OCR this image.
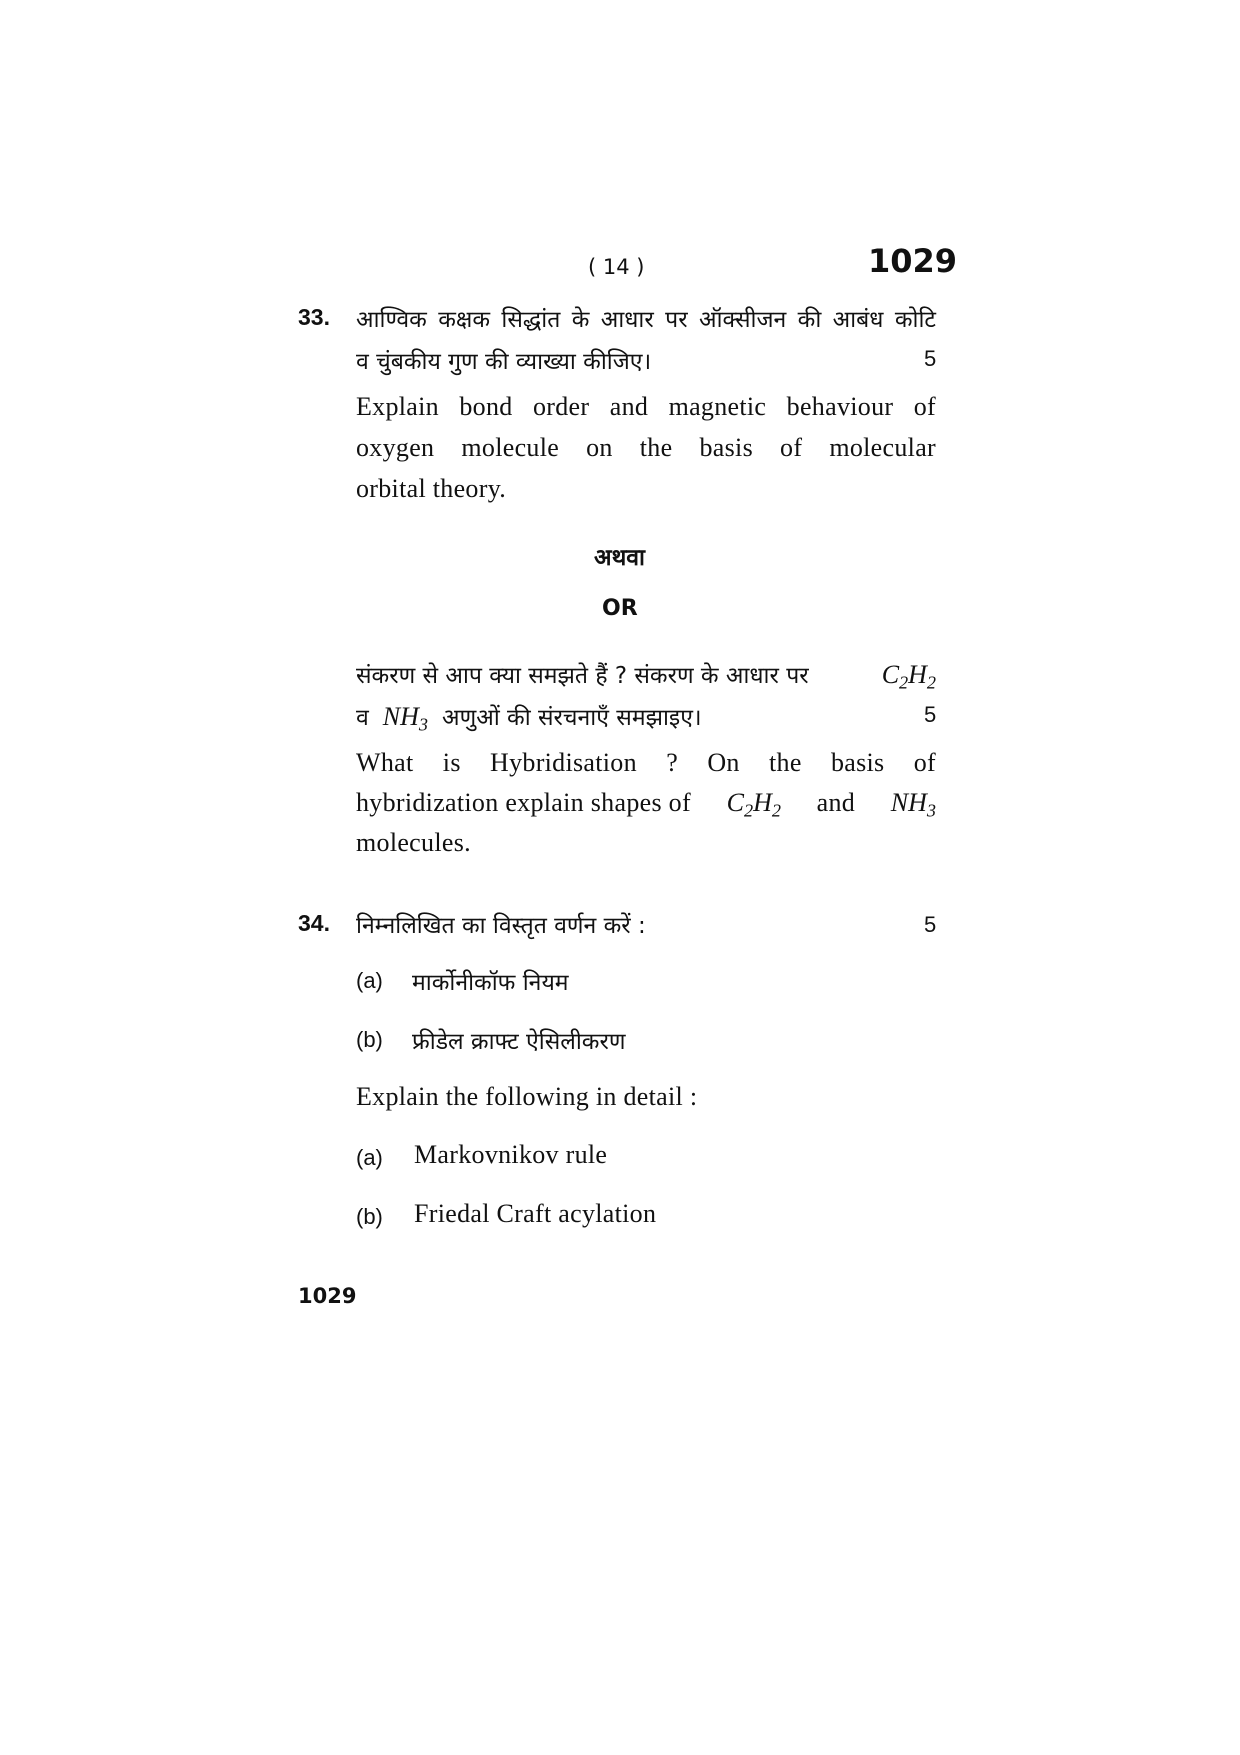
( 14 )	1029
33. आण्विक कक्षक सिद्धांत के आधार पर ऑक्सीजन की आबंध कोटि
व चुंबकीय गुण की व्याख्या कीजिए।	5
Explain bond order and magnetic behaviour of
oxygen molecule on the basis of molecular
orbital theory.
अथवा
OR
संकरण से आप क्या समझते हैं ? संकरण के आधार पर	$C_2H_2$
व $NH_3$ अणुओं की संरचनाएँ समझाइए।	5
What is Hybridisation ? On the basis of
hybridization explain shapes of $C_2H_2$ and $NH_3$
molecules.
34. निम्नलिखित का विस्तृत वर्णन करें :	5
(a) मार्कोनीकॉफ नियम
(b) फ्रीडेल क्राफ्ट ऐसिलीकरण
Explain the following in detail :
(a) Markovnikov rule
(b) Friedal Craft acylation
1029
